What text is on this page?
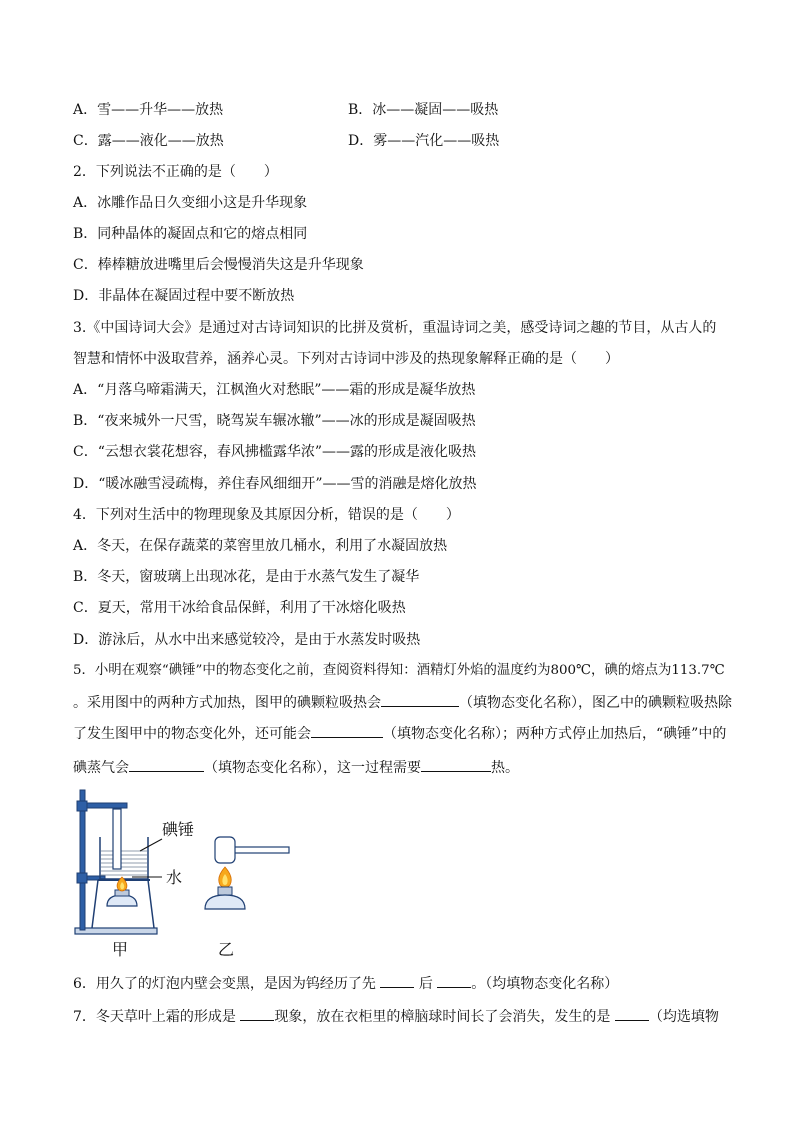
A．雪——升华——放热	B．冰——凝固——吸热
C．露——液化——放热	D．雾——汽化——吸热
2．下列说法不正确的是（　　）
A．冰雕作品日久变细小这是升华现象
B．同种晶体的凝固点和它的熔点相同
C．棒棒糖放进嘴里后会慢慢消失这是升华现象
D．非晶体在凝固过程中要不断放热
3.《中国诗词大会》是通过对古诗词知识的比拼及赏析，重温诗词之美，感受诗词之趣的节目，从古人的
智慧和情怀中汲取营养，涵养心灵。下列对古诗词中涉及的热现象解释正确的是（　　）
A．“月落乌啼霜满天，江枫渔火对愁眠”——霜的形成是凝华放热
B．“夜来城外一尺雪，晓驾炭车辗冰辙”——冰的形成是凝固吸热
C．“云想衣裳花想容，春风拂槛露华浓”——露的形成是液化吸热
D．“暖冰融雪浸疏梅，养住春风细细开”——雪的消融是熔化放热
4．下列对生活中的物理现象及其原因分析，错误的是（　　）
A．冬天，在保存蔬菜的菜窖里放几桶水，利用了水凝固放热
B．冬天，窗玻璃上出现冰花，是由于水蒸气发生了凝华
C．夏天，常用干冰给食品保鲜，利用了干冰熔化吸热
D．游泳后，从水中出来感觉较冷，是由于水蒸发时吸热
5．小明在观察“碘锤”中的物态变化之前，查阅资料得知：酒精灯外焰的温度约为800℃，碘的熔点为113.7℃
。采用图中的两种方式加热，图甲的碘颗粒吸热会	（填物态变化名称），图乙中的碘颗粒吸热除
了发生图甲中的物态变化外，还可能会	（填物态变化名称）；两种方式停止加热后，“碘锤”中的
碘蒸气会	（填物态变化名称），这一过程需要	热。
碘锤
水
甲	乙
6．用久了的灯泡内壁会变黑，是因为钨经历了先	后	。（均填物态变化名称）
7．冬天草叶上霜的形成是	现象，放在衣柜里的樟脑球时间长了会消失，发生的是	（均选填物
